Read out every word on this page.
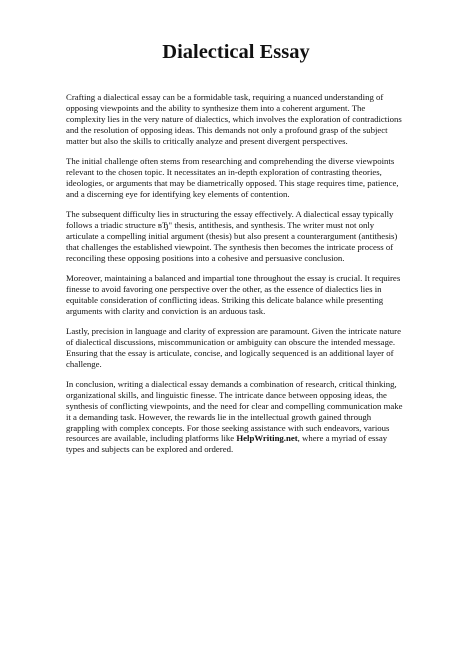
Dialectical Essay

Crafting a dialectical essay can be a formidable task, requiring a nuanced understanding of opposing viewpoints and the ability to synthesize them into a coherent argument. The complexity lies in the very nature of dialectics, which involves the exploration of contradictions and the resolution of opposing ideas. This demands not only a profound grasp of the subject matter but also the skills to critically analyze and present divergent perspectives.

The initial challenge often stems from researching and comprehending the diverse viewpoints relevant to the chosen topic. It necessitates an in-depth exploration of contrasting theories, ideologies, or arguments that may be diametrically opposed. This stage requires time, patience, and a discerning eye for identifying key elements of contention.

The subsequent difficulty lies in structuring the essay effectively. A dialectical essay typically follows a triadic structure вЂ" thesis, antithesis, and synthesis. The writer must not only articulate a compelling initial argument (thesis) but also present a counterargument (antithesis) that challenges the established viewpoint. The synthesis then becomes the intricate process of reconciling these opposing positions into a cohesive and persuasive conclusion.

Moreover, maintaining a balanced and impartial tone throughout the essay is crucial. It requires finesse to avoid favoring one perspective over the other, as the essence of dialectics lies in equitable consideration of conflicting ideas. Striking this delicate balance while presenting arguments with clarity and conviction is an arduous task.

Lastly, precision in language and clarity of expression are paramount. Given the intricate nature of dialectical discussions, miscommunication or ambiguity can obscure the intended message. Ensuring that the essay is articulate, concise, and logically sequenced is an additional layer of challenge.

In conclusion, writing a dialectical essay demands a combination of research, critical thinking, organizational skills, and linguistic finesse. The intricate dance between opposing ideas, the synthesis of conflicting viewpoints, and the need for clear and compelling communication make it a demanding task. However, the rewards lie in the intellectual growth gained through grappling with complex concepts. For those seeking assistance with such endeavors, various resources are available, including platforms like HelpWriting.net, where a myriad of essay types and subjects can be explored and ordered.
